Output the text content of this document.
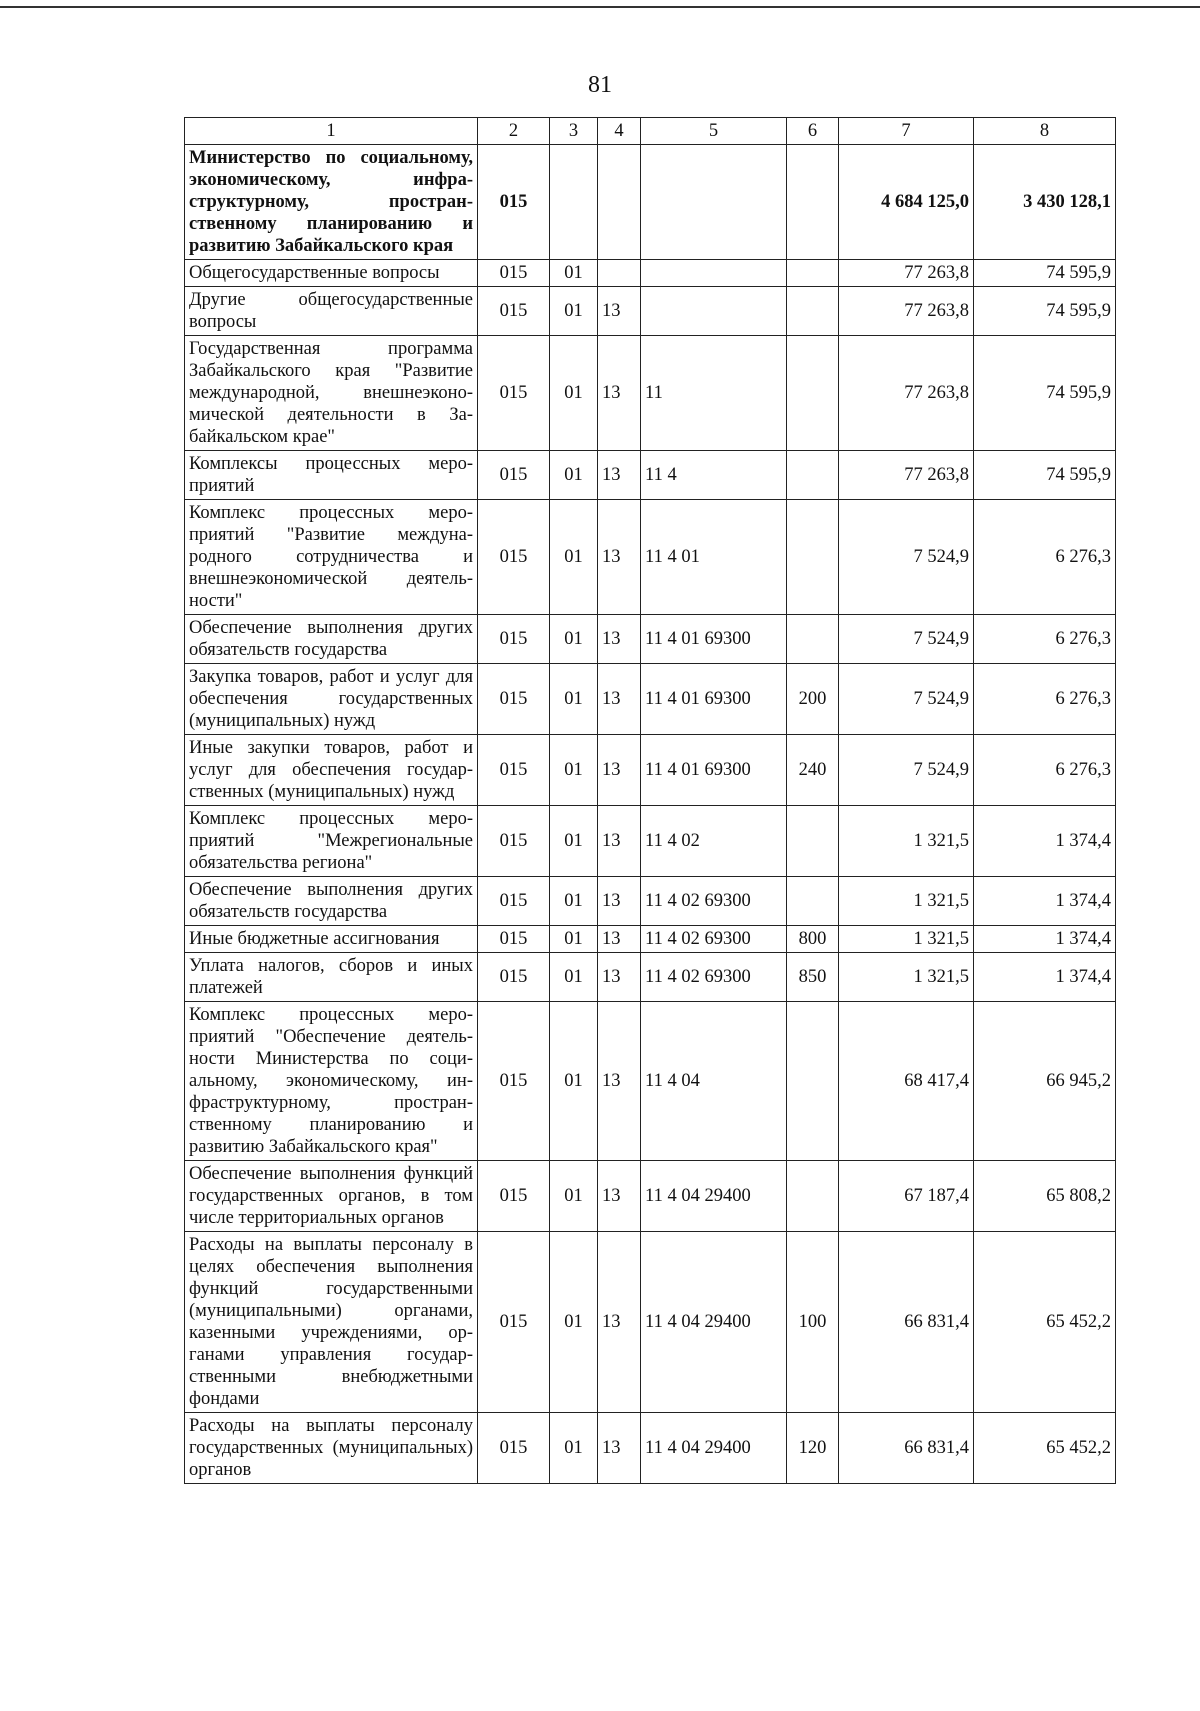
81
1	2	3	4	5	6	7	8
Министерство по социальному, экономическому, инфраструктурному, пространственному планированию и развитию Забайкальского края	015					4 684 125,0	3 430 128,1
Общегосударственные вопросы	015	01				77 263,8	74 595,9
Другие общегосударственные вопросы	015	01	13			77 263,8	74 595,9
Государственная программа Забайкальского края "Развитие международной, внешнеэкономической деятельности в Забайкальском крае"	015	01	13	11		77 263,8	74 595,9
Комплексы процессных мероприятий	015	01	13	11 4		77 263,8	74 595,9
Комплекс процессных мероприятий "Развитие международного сотрудничества и внешнеэкономической деятельности"	015	01	13	11 4 01		7 524,9	6 276,3
Обеспечение выполнения других обязательств государства	015	01	13	11 4 01 69300		7 524,9	6 276,3
Закупка товаров, работ и услуг для обеспечения государственных (муниципальных) нужд	015	01	13	11 4 01 69300	200	7 524,9	6 276,3
Иные закупки товаров, работ и услуг для обеспечения государственных (муниципальных) нужд	015	01	13	11 4 01 69300	240	7 524,9	6 276,3
Комплекс процессных мероприятий "Межрегиональные обязательства региона"	015	01	13	11 4 02		1 321,5	1 374,4
Обеспечение выполнения других обязательств государства	015	01	13	11 4 02 69300		1 321,5	1 374,4
Иные бюджетные ассигнования	015	01	13	11 4 02 69300	800	1 321,5	1 374,4
Уплата налогов, сборов и иных платежей	015	01	13	11 4 02 69300	850	1 321,5	1 374,4
Комплекс процессных мероприятий "Обеспечение деятельности Министерства по социальному, экономическому, инфраструктурному, пространственному планированию и развитию Забайкальского края"	015	01	13	11 4 04		68 417,4	66 945,2
Обеспечение выполнения функций государственных органов, в том числе территориальных органов	015	01	13	11 4 04 29400		67 187,4	65 808,2
Расходы на выплаты персоналу в целях обеспечения выполнения функций государственными (муниципальными) органами, казенными учреждениями, органами управления государственными внебюджетными фондами	015	01	13	11 4 04 29400	100	66 831,4	65 452,2
Расходы на выплаты персоналу государственных (муниципальных) органов	015	01	13	11 4 04 29400	120	66 831,4	65 452,2
